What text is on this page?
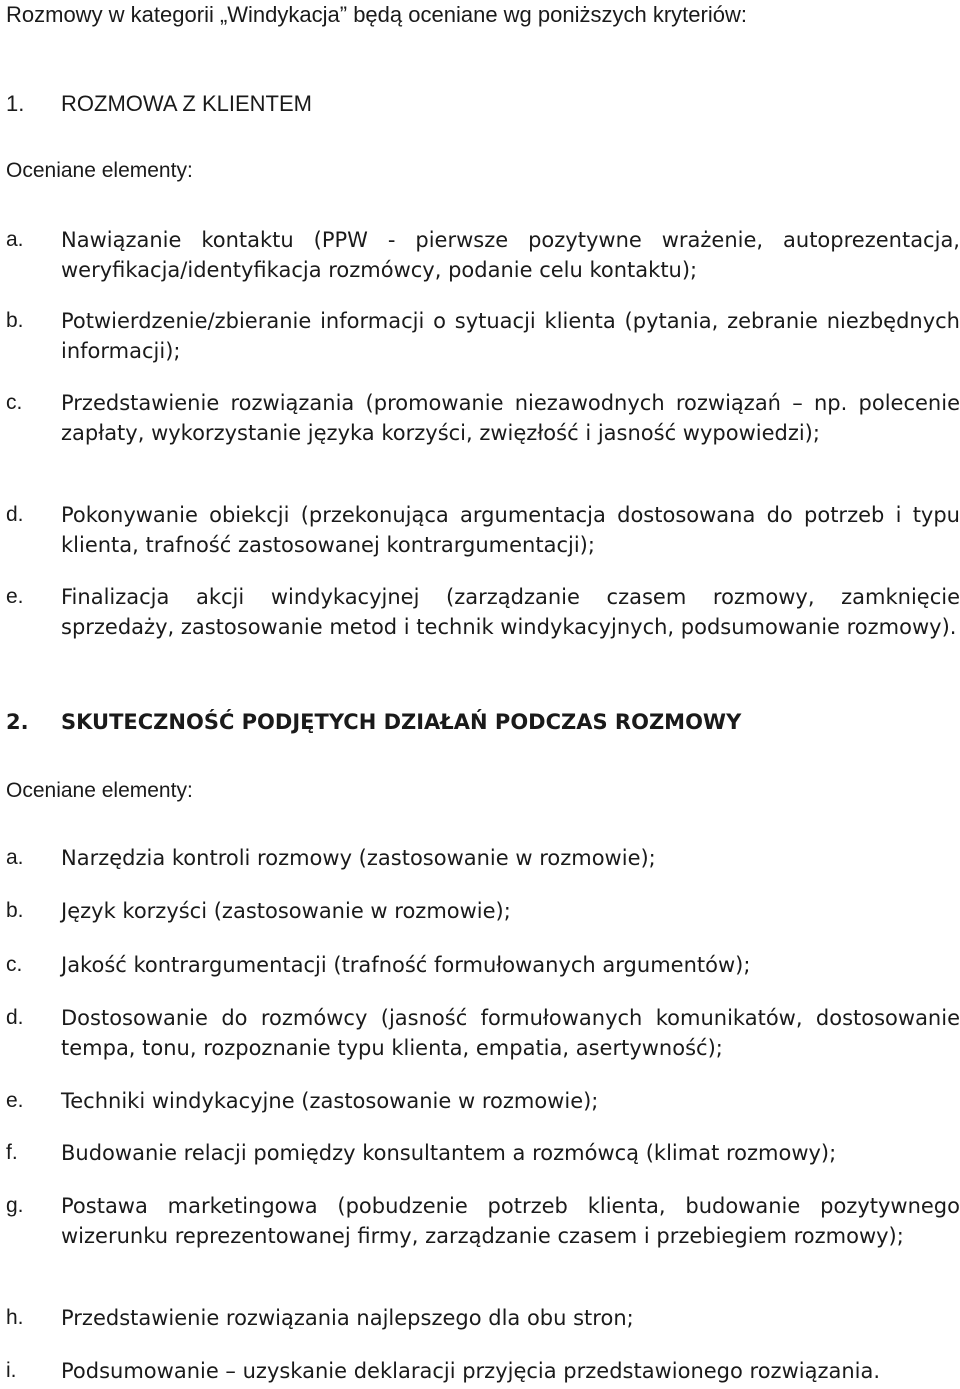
Rozmowy w kategorii „Windykacja” będą oceniane wg poniższych kryteriów:
1. ROZMOWA Z KLIENTEM
Oceniane elementy:
a. Nawiązanie kontaktu (PPW - pierwsze pozytywne wrażenie, autoprezentacja, weryfikacja/identyfikacja rozmówcy, podanie celu kontaktu);
b. Potwierdzenie/zbieranie informacji o sytuacji klienta (pytania, zebranie niezbędnych informacji);
c. Przedstawienie rozwiązania (promowanie niezawodnych rozwiązań – np. polecenie zapłaty, wykorzystanie języka korzyści, zwięzłość i jasność wypowiedzi);
d. Pokonywanie obiekcji (przekonująca argumentacja dostosowana do potrzeb i typu klienta, trafność zastosowanej kontrargumentacji);
e. Finalizacja akcji windykacyjnej (zarządzanie czasem rozmowy, zamknięcie sprzedaży, zastosowanie metod i technik windykacyjnych, podsumowanie rozmowy).
2. SKUTECZNOŚĆ PODJĘTYCH DZIAŁAŃ PODCZAS ROZMOWY
Oceniane elementy:
a. Narzędzia kontroli rozmowy (zastosowanie w rozmowie);
b. Język korzyści (zastosowanie w rozmowie);
c. Jakość kontrargumentacji (trafność formułowanych argumentów);
d. Dostosowanie do rozmówcy (jasność formułowanych komunikatów, dostosowanie tempa, tonu, rozpoznanie typu klienta, empatia, asertywność);
e. Techniki windykacyjne (zastosowanie w rozmowie);
f. Budowanie relacji pomiędzy konsultantem a rozmówcą (klimat rozmowy);
g. Postawa marketingowa (pobudzenie potrzeb klienta, budowanie pozytywnego wizerunku reprezentowanej firmy, zarządzanie czasem i przebiegiem rozmowy);
h. Przedstawienie rozwiązania najlepszego dla obu stron;
i. Podsumowanie – uzyskanie deklaracji przyjęcia przedstawionego rozwiązania.
